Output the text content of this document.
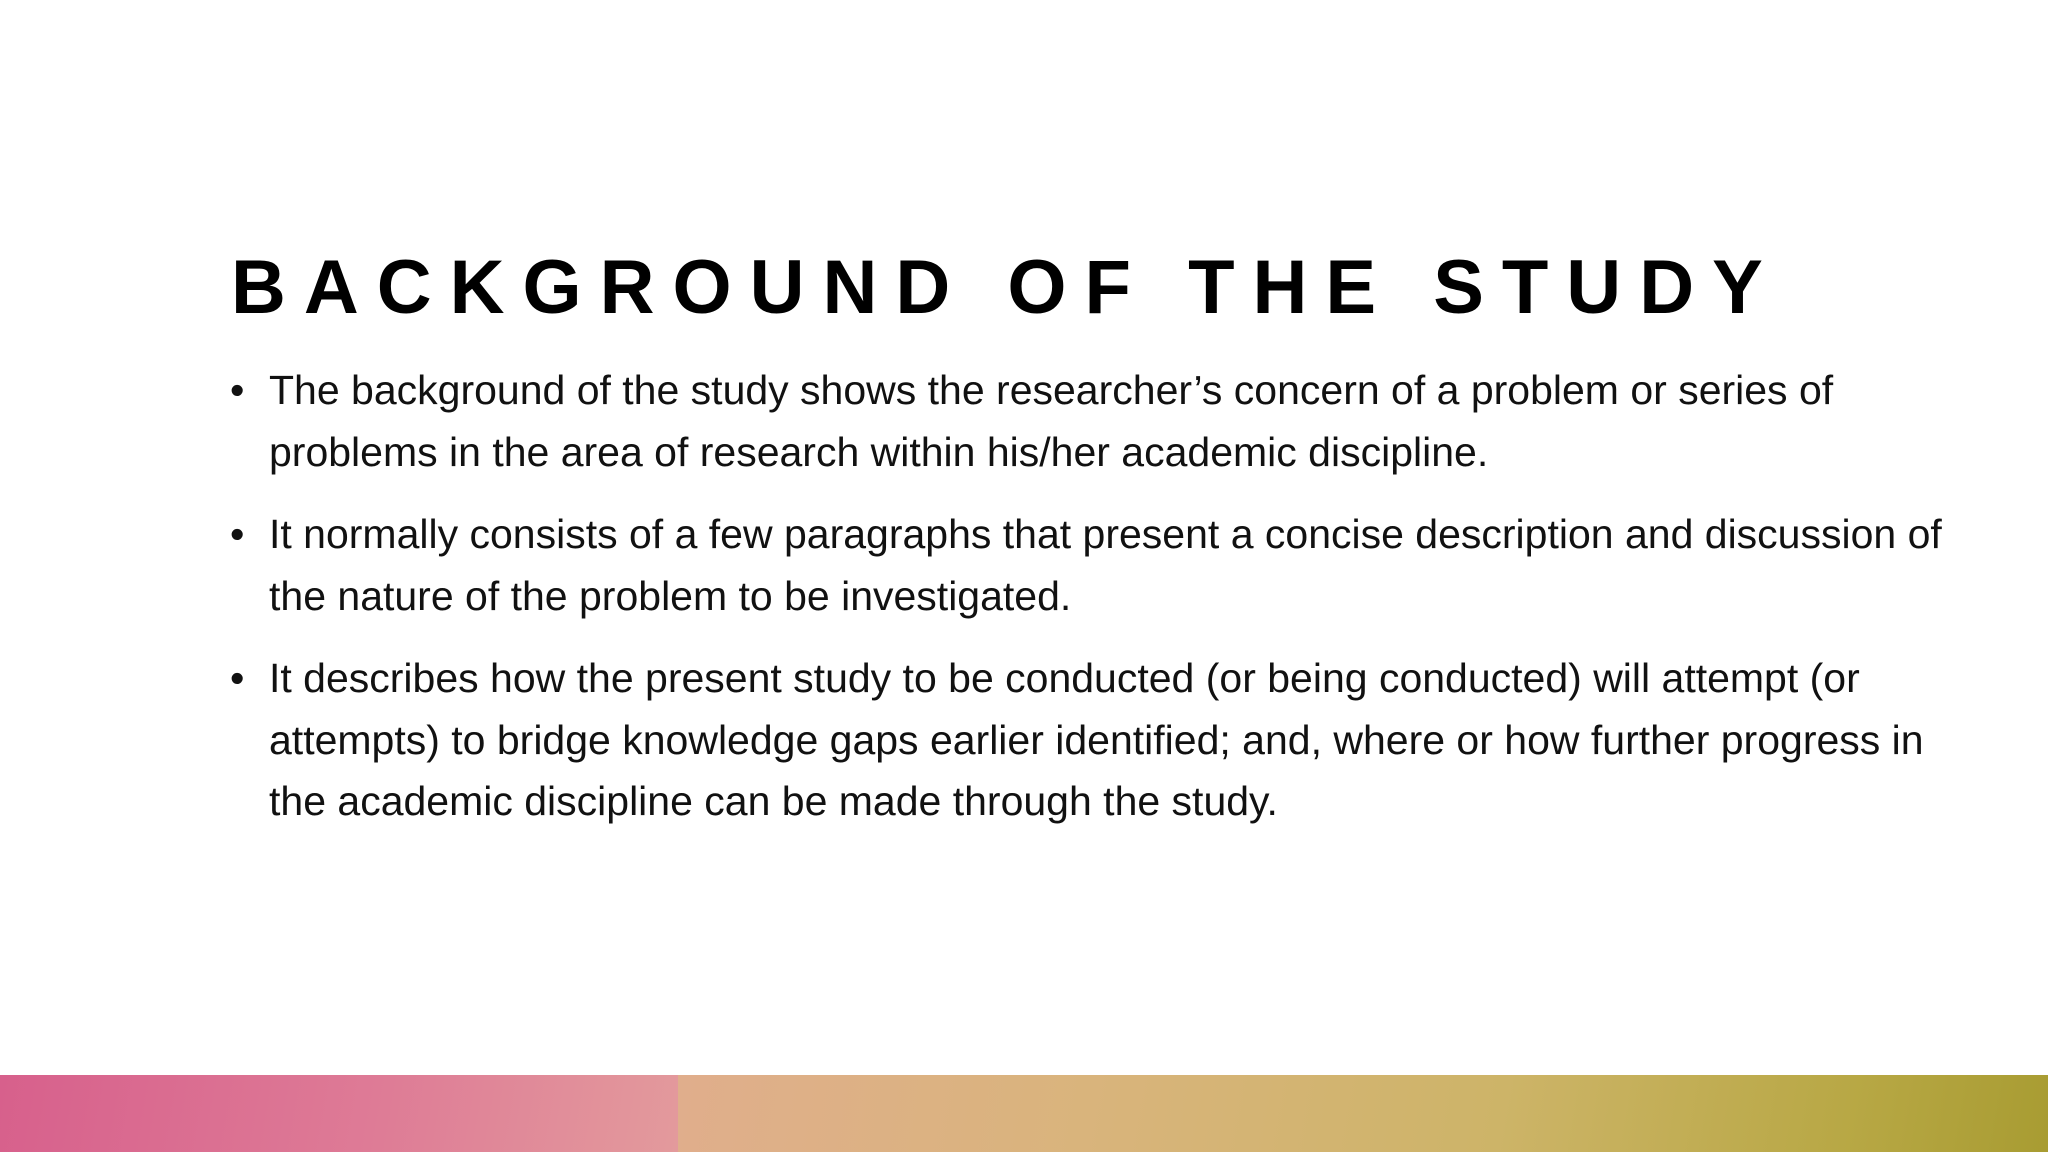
BACKGROUND OF THE STUDY
• The background of the study shows the researcher’s concern of a problem or series of problems in the area of research within his/her academic discipline.
• It normally consists of a few paragraphs that present a concise description and discussion of the nature of the problem to be investigated.
• It describes how the present study to be conducted (or being conducted) will attempt (or attempts) to bridge knowledge gaps earlier identified; and, where or how further progress in the academic discipline can be made through the study.
